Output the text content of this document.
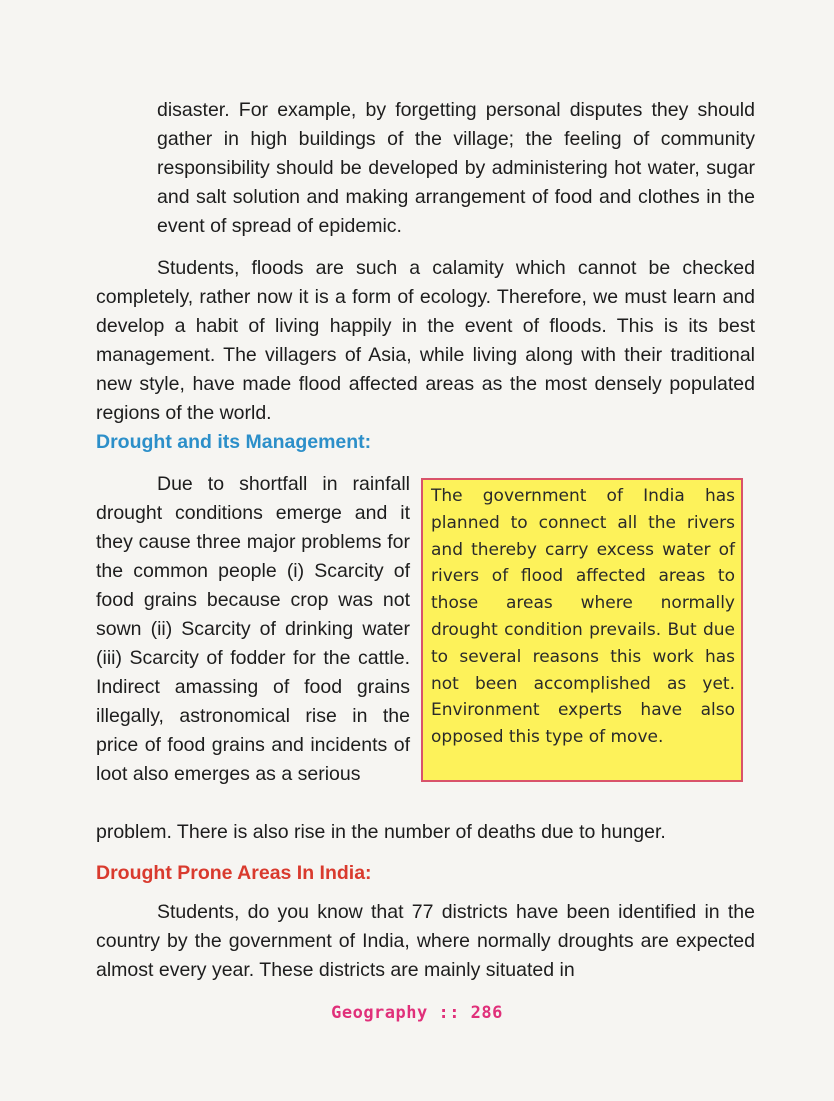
disaster. For example, by forgetting personal disputes they should gather in high buildings of the village; the feeling of community responsibility should be developed by administering hot water, sugar and salt solution and making arrangement of food and clothes in the event of spread of epidemic.

Students, floods are such a calamity which cannot be checked completely, rather now it is a form of ecology. Therefore, we must learn and develop a habit of living happily in the event of floods. This is its best management. The villagers of Asia, while living along with their traditional new style, have made flood affected areas as the most densely populated regions of the world.

Drought and its Management:

Due to shortfall in rainfall drought conditions emerge and it they cause three major problems for the common people (i) Scarcity of food grains because crop was not sown (ii) Scarcity of drinking water (iii) Scarcity of fodder for the cattle. Indirect amassing of food grains illegally, astronomical rise in the price of food grains and incidents of loot also emerges as a serious

problem. There is also rise in the number of deaths due to hunger.
The government of India has planned to connect all the rivers and thereby carry excess water of rivers of flood affected areas to those areas where normally drought condition prevails. But due to several reasons this work has not been accomplished as yet. Environment experts have also opposed this type of move.
Drought Prone Areas In India:

Students, do you know that 77 districts have been identified in the country by the government of India, where normally droughts are expected almost every year. These districts are mainly situated in

Geography :: 286
